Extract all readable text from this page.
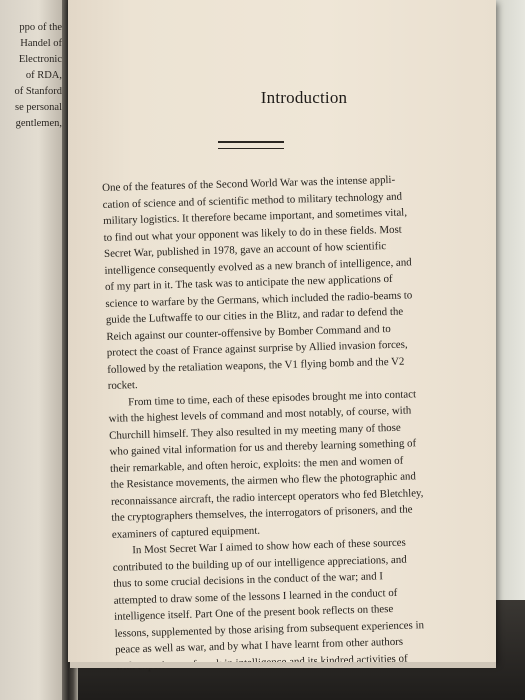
ppo of the
Handel of
Electronic
of RDA,
of Stanford
se personal
gentlemen,
Introduction
One of the features of the Second World War was the intense appli-
cation of science and of scientific method to military technology and
military logistics. It therefore became important, and sometimes vital,
to find out what your opponent was likely to do in these fields. Most
Secret War, published in 1978, gave an account of how scientific
intelligence consequently evolved as a new branch of intelligence, and
of my part in it. The task was to anticipate the new applications of
science to warfare by the Germans, which included the radio-beams to
guide the Luftwaffe to our cities in the Blitz, and radar to defend the
Reich against our counter-offensive by Bomber Command and to
protect the coast of France against surprise by Allied invasion forces,
followed by the retaliation weapons, the V1 flying bomb and the V2
rocket.
From time to time, each of these episodes brought me into contact
with the highest levels of command and most notably, of course, with
Churchill himself. They also resulted in my meeting many of those
who gained vital information for us and thereby learning something of
their remarkable, and often heroic, exploits: the men and women of
the Resistance movements, the airmen who flew the photographic and
reconnaissance aircraft, the radio intercept operators who fed Bletchley,
the cryptographers themselves, the interrogators of prisoners, and the
examiners of captured equipment.
In Most Secret War I aimed to show how each of these sources
contributed to the building up of our intelligence appreciations, and
thus to some crucial decisions in the conduct of the war; and I
attempted to draw some of the lessons I learned in the conduct of
intelligence itself. Part One of the present book reflects on these
lessons, supplemented by those arising from subsequent experiences in
peace as well as war, and by what I have learnt from other authors
